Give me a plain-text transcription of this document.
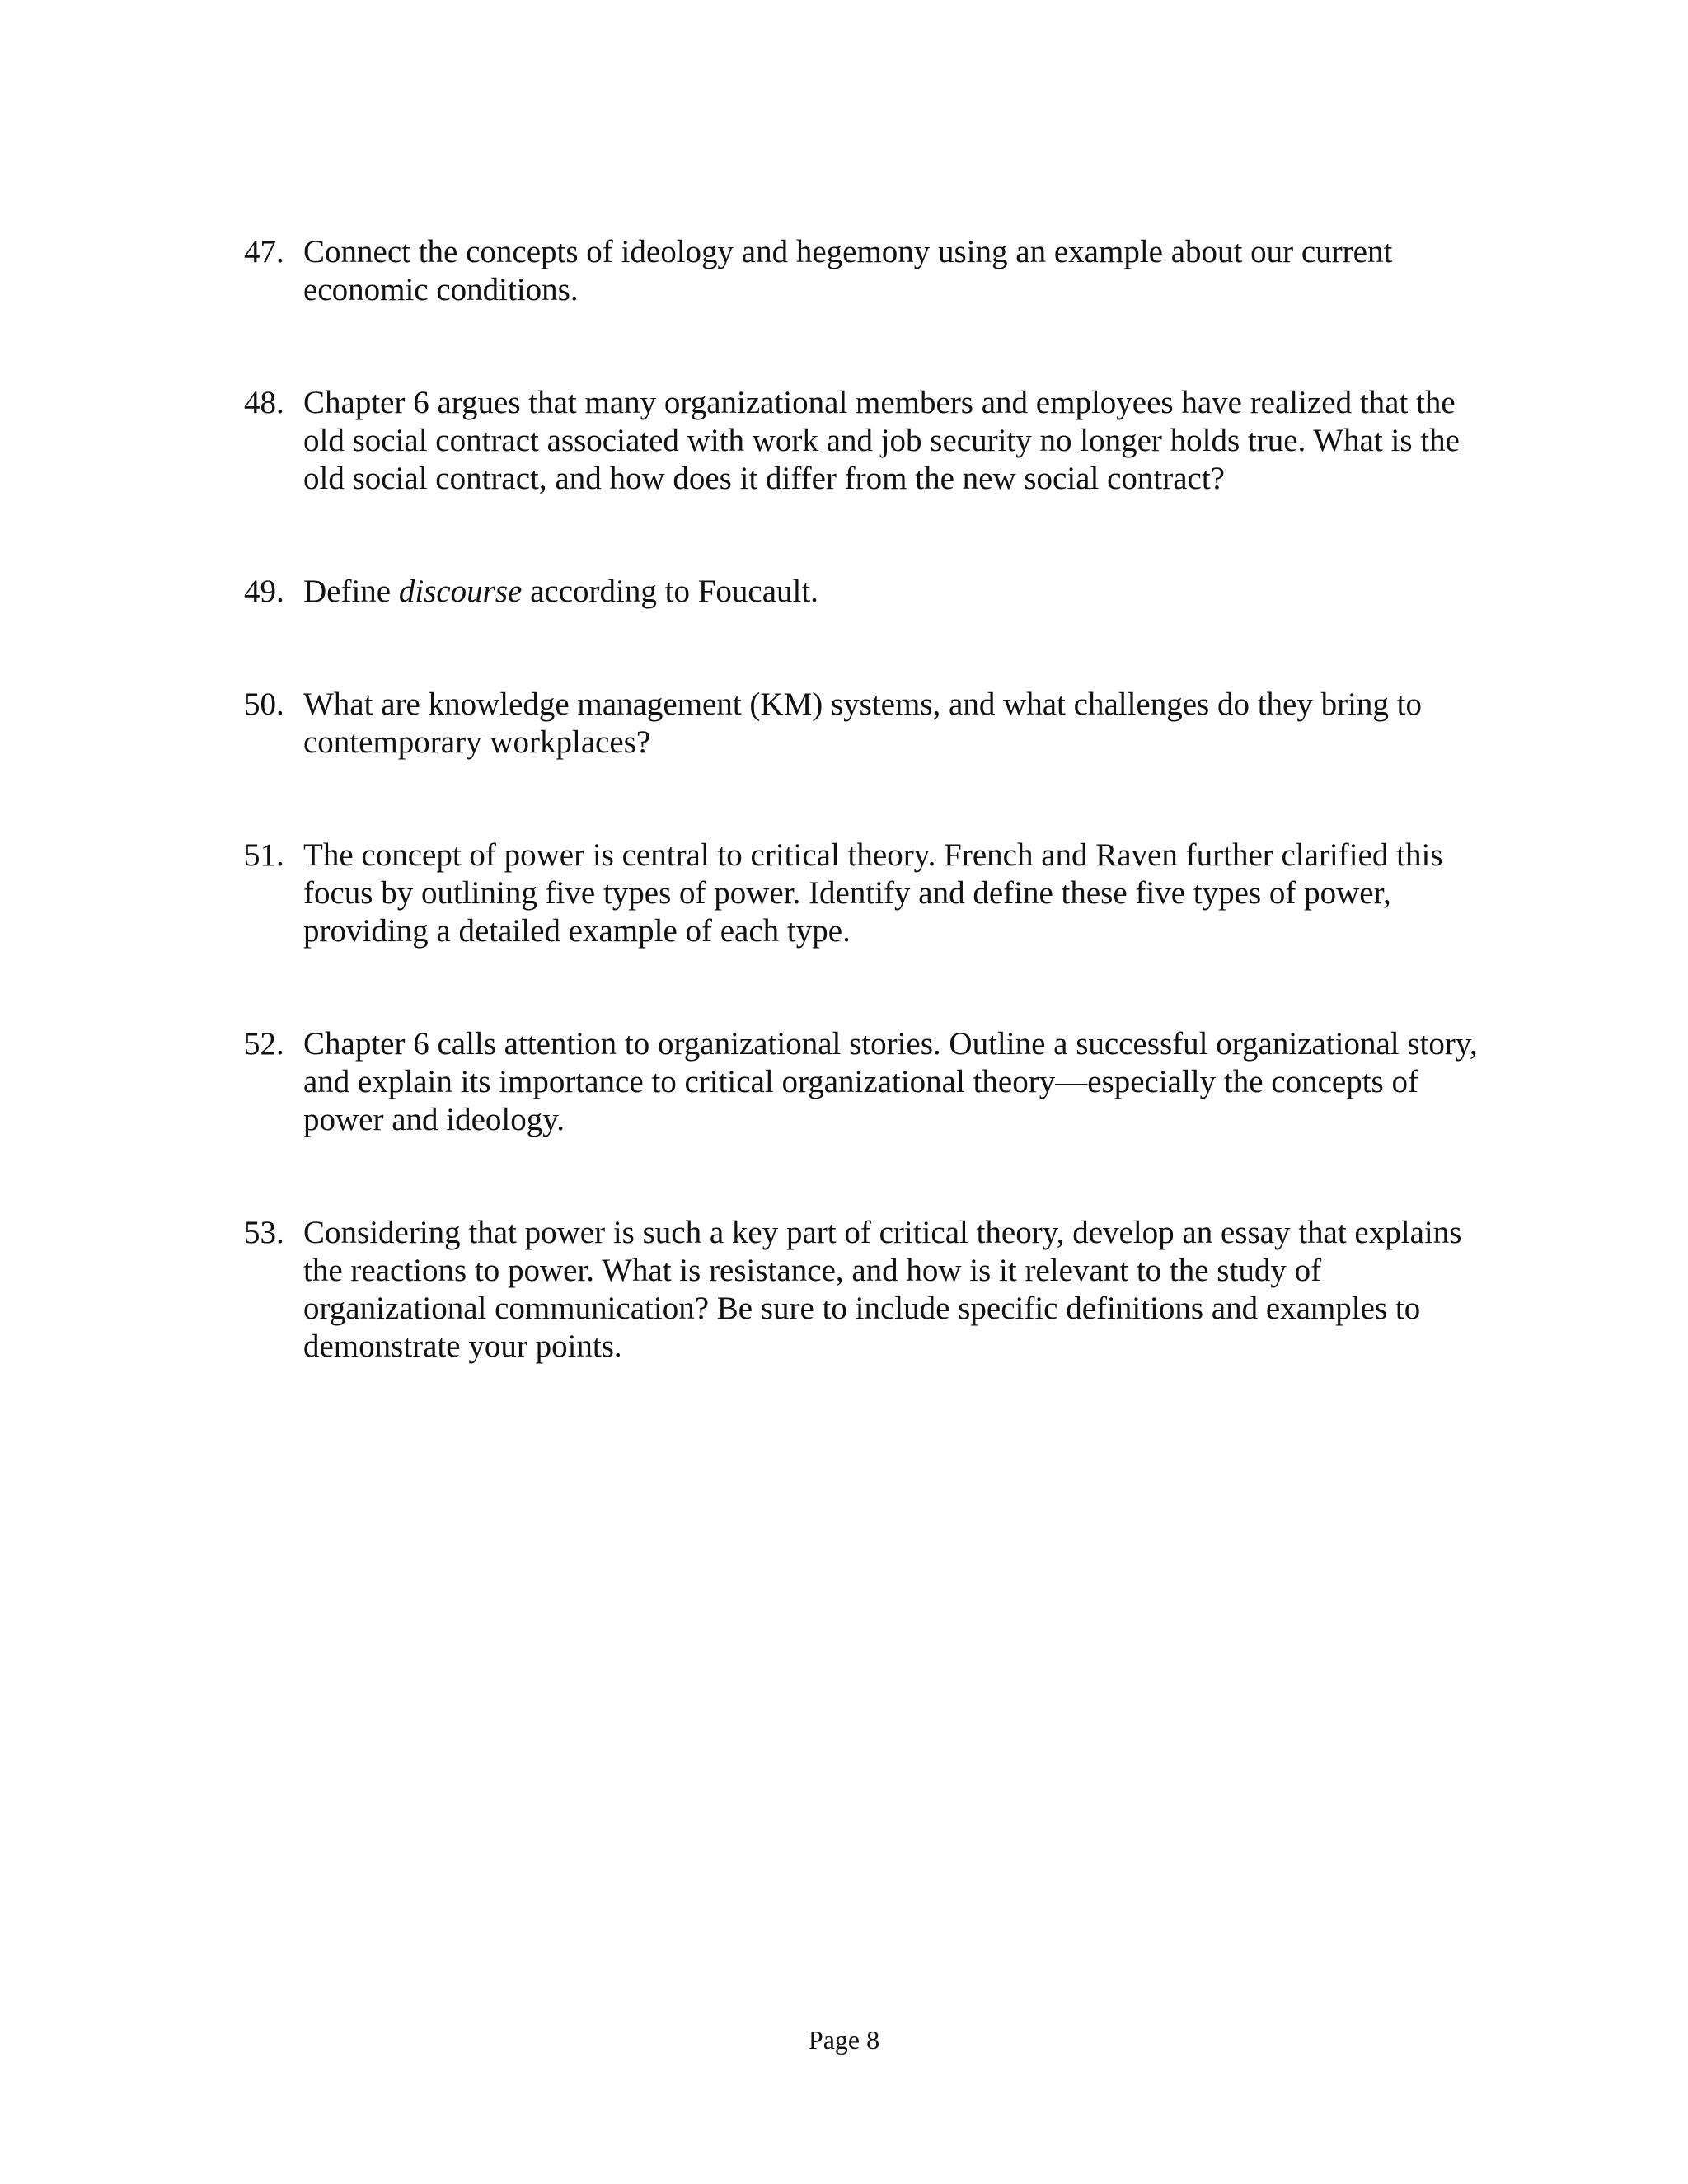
47. Connect the concepts of ideology and hegemony using an example about our current economic conditions.
48. Chapter 6 argues that many organizational members and employees have realized that the old social contract associated with work and job security no longer holds true. What is the old social contract, and how does it differ from the new social contract?
49. Define discourse according to Foucault.
50. What are knowledge management (KM) systems, and what challenges do they bring to contemporary workplaces?
51. The concept of power is central to critical theory. French and Raven further clarified this focus by outlining five types of power. Identify and define these five types of power, providing a detailed example of each type.
52. Chapter 6 calls attention to organizational stories. Outline a successful organizational story, and explain its importance to critical organizational theory—especially the concepts of power and ideology.
53. Considering that power is such a key part of critical theory, develop an essay that explains the reactions to power. What is resistance, and how is it relevant to the study of organizational communication? Be sure to include specific definitions and examples to demonstrate your points.
Page 8
